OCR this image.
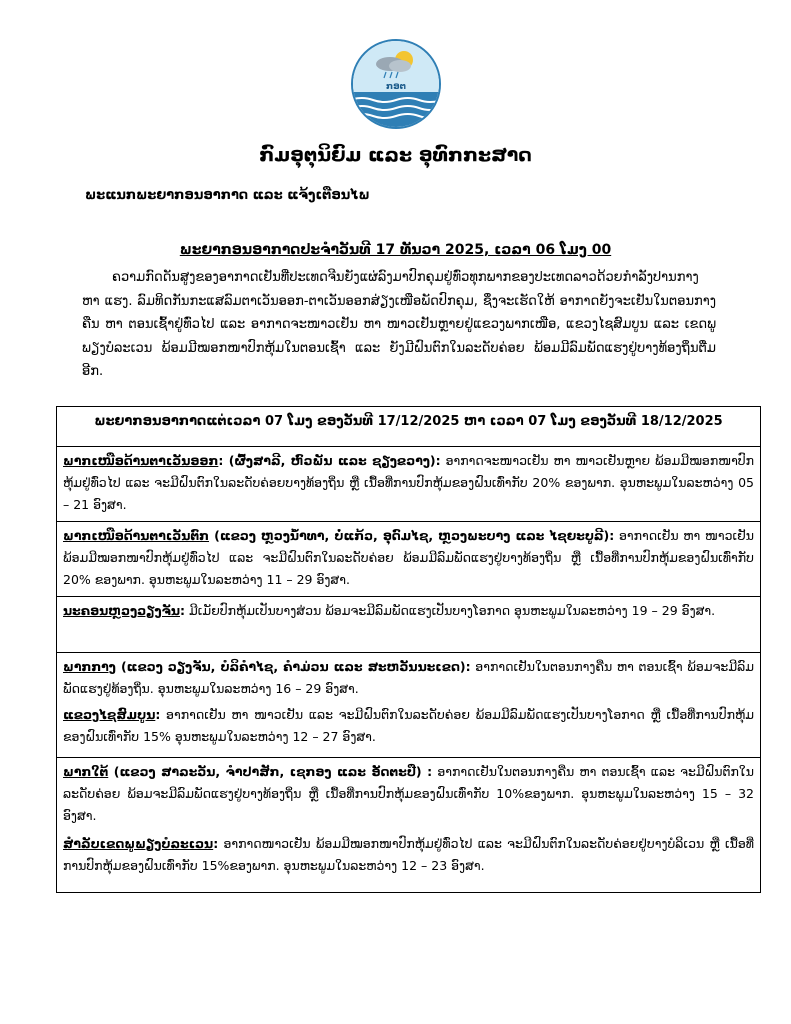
ກອຕ
ກົມອຸຕຸນິຍົມ ແລະ ອຸທົກກະສາດ
ພະແນກພະຍາກອນອາກາດ ແລະ ແຈ້ງເຕືອນໄພ
ພະຍາກອນອາກາດປະຈຳວັນທີ 17 ທັນວາ 2025, ເວລາ 06 ໂມງ 00
ຄວາມກົດດັນສູງຂອງອາກາດເຢັນທີ່ປະເທດຈີນຍັງແຜ່ລົງມາປົກຄຸມຢູ່ທົ່ວທຸກພາກຂອງປະເທດລາວດ້ວຍກຳລັງປານກາງ ຫາ ແຮງ. ລົມທິດກັນກະແສລົມຕາເວັນອອກ-ຕາເວັນອອກສ່ຽງເໜືອພັດປົກຄຸມ, ຊຶ່ງຈະເຮັດໃຫ້ ອາກາດຍັງຈະເຢັນໃນຕອນກາງຄືນ ຫາ ຕອນເຊົ້າຢູ່ທົ່ວໄປ ແລະ ອາກາດຈະໜາວເຢັນ ຫາ ໜາວເຢັນຫຼາຍຢູ່ແຂວງພາກເໜືອ, ແຂວງໄຊສົມບູນ ແລະ ເຂດພູພຽງບໍລະເວນ ພ້ອມມີໝອກໜາປົກຫຸ້ມໃນຕອນເຊົ້າ ແລະ ຍັງມີຝົນຕົກໃນລະດັບຄ່ອຍ ພ້ອມມີລົມພັດແຮງຢູ່ບາງທ້ອງຖິ່ນຕື່ມອີກ.
ພະຍາກອນອາກາດແຕ່ເວລາ 07 ໂມງ ຂອງວັນທີ 17/12/2025 ຫາ ເວລາ 07 ໂມງ ຂອງວັນທີ 18/12/2025
ພາກເໜືອດ້ານຕາເວັນອອກ: (ຜົ້ງສາລີ, ຫົວພັນ ແລະ ຊຽງຂວາງ): ອາກາດຈະໜາວເຢັນ ຫາ ໜາວເຢັນຫຼາຍ ພ້ອມມີໝອກໜາປົກຫຸ້ມຢູ່ທົ່ວໄປ ແລະ ຈະມີຝົນຕົກໃນລະດັບຄ່ອຍບາງທ້ອງຖິ່ນ ຫຼື ເນື້ອທີ່ການປົກຫຸ້ມຂອງຝົນເທົ່າກັບ 20% ຂອງພາກ. ອຸນຫະພູມໃນລະຫວ່າງ 05 – 21 ອົງສາ.
ພາກເໜືອດ້ານຕາເວັນຕົກ (ແຂວງ ຫຼວງນ້ຳທາ, ບໍ່ແກ້ວ, ອຸດົມໄຊ, ຫຼວງພະບາງ ແລະ ໄຊຍະບູລີ): ອາກາດເຢັນ ຫາ ໜາວເຢັນ ພ້ອມມີໝອກໜາປົກຫຸ້ມຢູ່ທົ່ວໄປ ແລະ ຈະມີຝົນຕົກໃນລະດັບຄ່ອຍ ພ້ອມມີລົມພັດແຮງຢູ່ບາງທ້ອງຖິ່ນ ຫຼື ເນື້ອທີ່ການປົກຫຸ້ມຂອງຝົນເທົ່າກັບ 20% ຂອງພາກ. ອຸນຫະພູມໃນລະຫວ່າງ 11 – 29 ອົງສາ.
ນະຄອນຫຼວງວຽງຈັນ: ມີເມັຍປົກຫຸ້ມເປັນບາງສ່ວນ ພ້ອມຈະມີລົມພັດແຮງເປັນບາງໂອກາດ ອຸນຫະພູມໃນລະຫວ່າງ 19 – 29 ອົງສາ.
ພາກກາງ (ແຂວງ ວຽງຈັນ, ບໍລິຄຳໄຊ, ຄຳມ່ວນ ແລະ ສະຫວັນນະເຂດ): ອາກາດເຢັນໃນຕອນກາງຄືນ ຫາ ຕອນເຊົ້າ ພ້ອມຈະມີລົມພັດແຮງຢູ່ທ້ອງຖິ່ນ. ອຸນຫະພູມໃນລະຫວ່າງ 16 – 29 ອົງສາ.
ແຂວງໄຊສົມບູນ: ອາກາດເຢັນ ຫາ ໜາວເຢັນ ແລະ ຈະມີຝົນຕົກໃນລະດັບຄ່ອຍ ພ້ອມມີລົມພັດແຮງເປັນບາງໂອກາດ ຫຼື ເນື້ອທີ່ການປົກຫຸ້ມຂອງຝົນເທົ່າກັບ 15% ອຸນຫະພູມໃນລະຫວ່າງ 12 – 27 ອົງສາ.
ພາກໃຕ້ (ແຂວງ ສາລະວັນ, ຈຳປາສັກ, ເຊກອງ ແລະ ອັດຕະປື) : ອາກາດເຢັນໃນຕອນກາງຄືນ ຫາ ຕອນເຊົ້າ ແລະ ຈະມີຝົນຕົກໃນລະດັບຄ່ອຍ ພ້ອມຈະມີລົມພັດແຮງຢູ່ບາງທ້ອງຖິ່ນ ຫຼື ເນື້ອທີ່ການປົກຫຸ້ມຂອງຝົນເທົ່າກັບ 10%ຂອງພາກ. ອຸນຫະພູມໃນລະຫວ່າງ 15 – 32 ອົງສາ.
ສຳລັບເຂດພູພຽງບໍລະເວນ: ອາກາດໜາວເຢັນ ພ້ອມມີໝອກໜາປົກຫຸ້ມຢູ່ທົ່ວໄປ ແລະ ຈະມີຝົນຕົກໃນລະດັບຄ່ອຍຢູ່ບາງບໍລິເວນ ຫຼື ເນື້ອທີ່ການປົກຫຸ້ມຂອງຝົນເທົ່າກັບ 15%ຂອງພາກ. ອຸນຫະພູມໃນລະຫວ່າງ 12 – 23 ອົງສາ.
